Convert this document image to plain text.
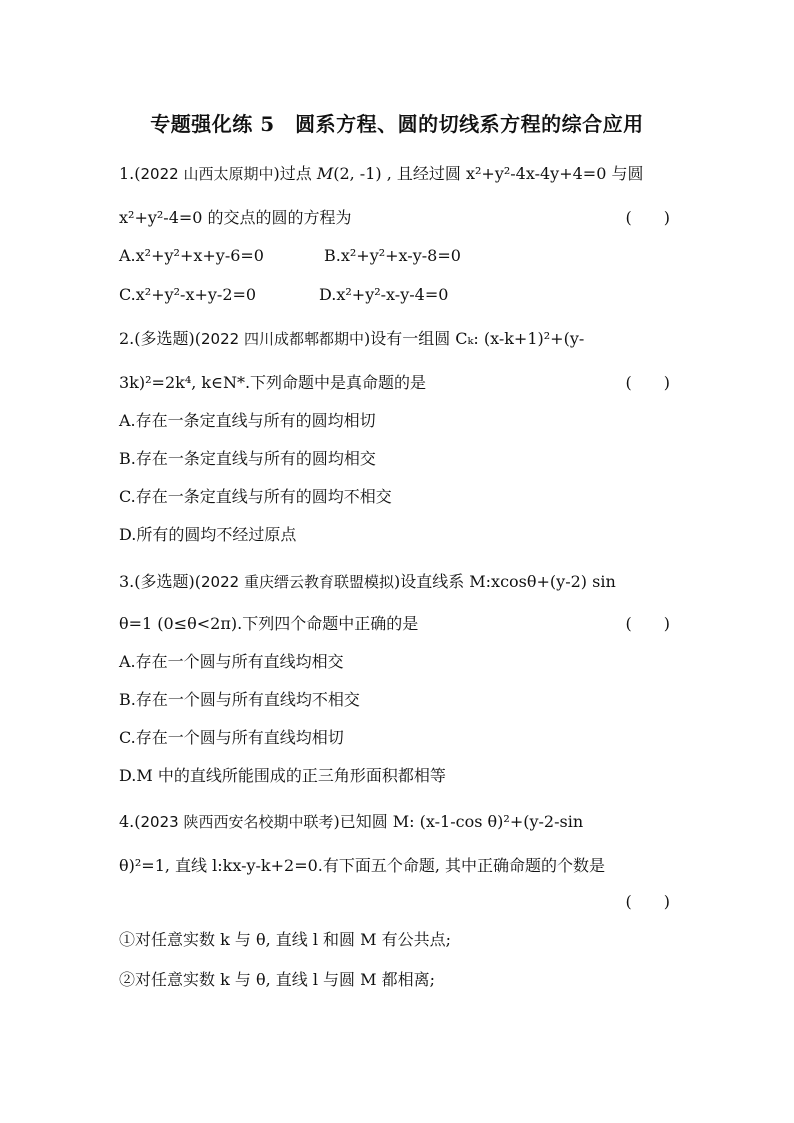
专题强化练 5　圆系方程、圆的切线系方程的综合应用
1.(2022 山西太原期中)过点 M(2, -1) , 且经过圆 x²+y²-4x-4y+4=0 与圆
x²+y²-4=0 的交点的圆的方程为	(　　)
A.x²+y²+x+y-6=0	B.x²+y²+x-y-8=0
C.x²+y²-x+y-2=0	D.x²+y²-x-y-4=0
2.(多选题)(2022 四川成都郫都期中)设有一组圆 Cₖ: (x-k+1)²+(y-
3k)²=2k⁴, k∈N*.下列命题中是真命题的是	(　　)
A.存在一条定直线与所有的圆均相切
B.存在一条定直线与所有的圆均相交
C.存在一条定直线与所有的圆均不相交
D.所有的圆均不经过原点
3.(多选题)(2022 重庆缙云教育联盟模拟)设直线系 M:xcosθ+(y-2) sin
θ=1 (0≤θ<2π).下列四个命题中正确的是	(　　)
A.存在一个圆与所有直线均相交
B.存在一个圆与所有直线均不相交
C.存在一个圆与所有直线均相切
D.M 中的直线所能围成的正三角形面积都相等
4.(2023 陕西西安名校期中联考)已知圆 M: (x-1-cos θ)²+(y-2-sin
θ)²=1, 直线 l:kx-y-k+2=0.有下面五个命题, 其中正确命题的个数是
(　　)
①对任意实数 k 与 θ, 直线 l 和圆 M 有公共点;
②对任意实数 k 与 θ, 直线 l 与圆 M 都相离;
